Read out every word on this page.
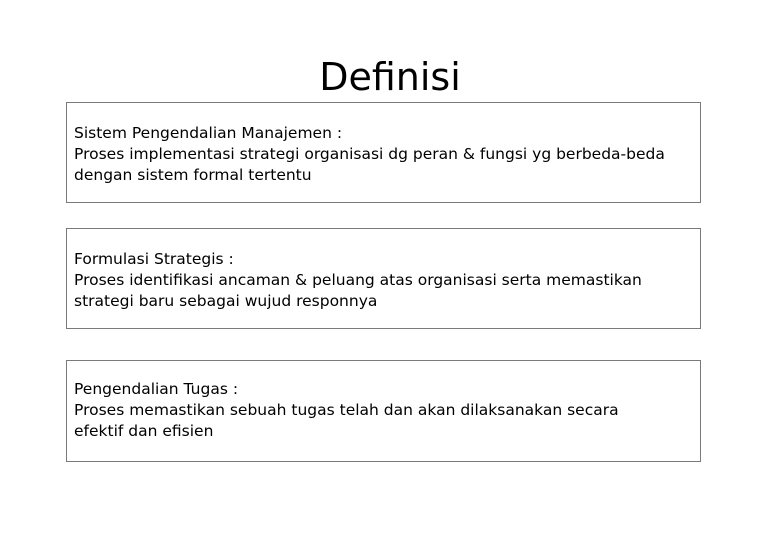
Definisi
Sistem Pengendalian Manajemen :
Proses implementasi strategi organisasi dg peran & fungsi yg berbeda-beda
dengan sistem formal tertentu
Formulasi Strategis :
Proses identifikasi ancaman & peluang atas organisasi serta memastikan
strategi baru sebagai wujud responnya
Pengendalian Tugas :
Proses memastikan sebuah tugas telah dan akan dilaksanakan secara
efektif dan efisien
